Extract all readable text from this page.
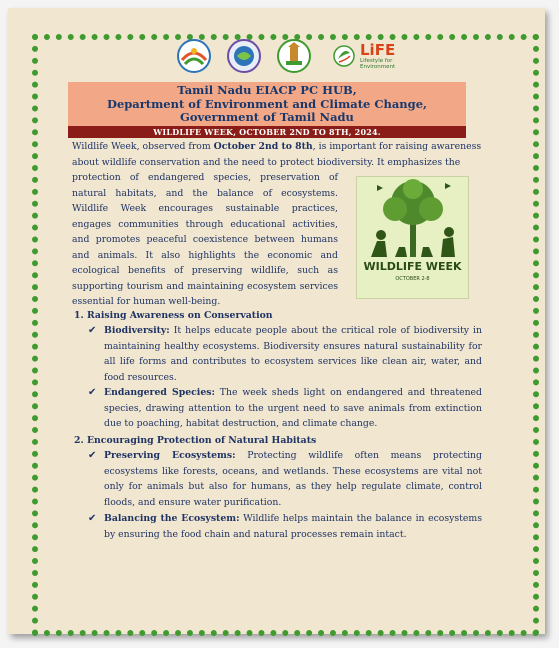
LiFE
Lifestyle for Environment
Tamil Nadu EIACP PC HUB,
Department of Environment and Climate Change,
Government of Tamil Nadu
WILDLIFE WEEK, OCTOBER 2ND TO 8TH, 2024.

Wildlife Week, observed from October 2nd to 8th, is important for raising awareness

about wildlife conservation and the need to protect biodiversity. It emphasizes the

protection of endangered species, preservation of natural habitats, and the balance of ecosystems. Wildlife Week encourages sustainable practices, engages communities through educational activities, and promotes peaceful coexistence between humans and animals. It also highlights the economic and ecological benefits of preserving wildlife, such as supporting tourism and maintaining ecosystem services essential for human well-being.

WILDLIFE WEEK
OCTOBER 2-8
1. Raising Awareness on Conservation
✔ Biodiversity: It helps educate people about the critical role of biodiversity in maintaining healthy ecosystems. Biodiversity ensures natural sustainability for all life forms and contributes to ecosystem services like clean air, water, and food resources.
✔ Endangered Species: The week sheds light on endangered and threatened species, drawing attention to the urgent need to save animals from extinction due to poaching, habitat destruction, and climate change.
2. Encouraging Protection of Natural Habitats
✔ Preserving Ecosystems: Protecting wildlife often means protecting ecosystems like forests, oceans, and wetlands. These ecosystems are vital not only for animals but also for humans, as they help regulate climate, control floods, and ensure water purification.
✔ Balancing the Ecosystem: Wildlife helps maintain the balance in ecosystems by ensuring the food chain and natural processes remain intact.
